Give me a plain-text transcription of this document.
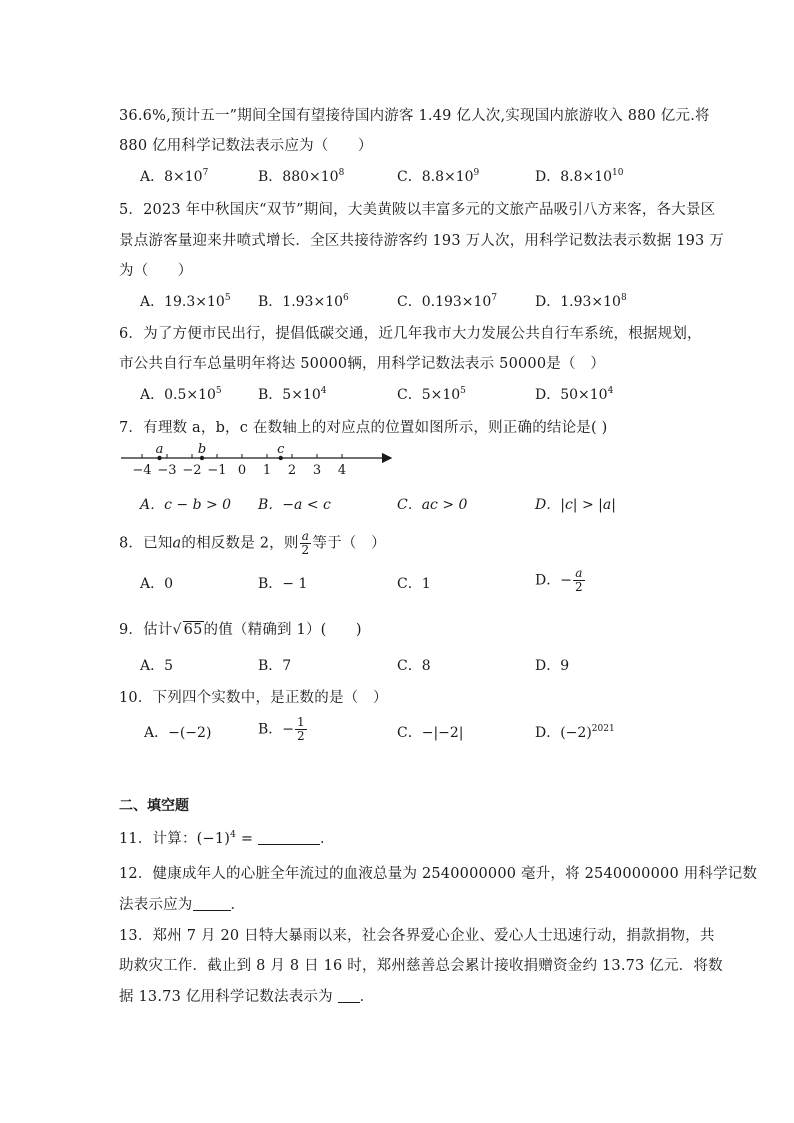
36.6%,预计五一”期间全国有望接待国内游客 1.49 亿人次,实现国内旅游收入 880 亿元.将
880 亿用科学记数法表示应为（　　）
A．$8\times 10^7$	B．$880\times 10^8$	C．$8.8\times 10^9$	D．$8.8\times 10^{10}$
5．2023 年中秋国庆“双节”期间，大美黄陂以丰富多元的文旅产品吸引八方来客，各大景区
景点游客量迎来井喷式增长．全区共接待游客约 193 万人次，用科学记数法表示数据 193 万
为（　　）
A．$19.3\times 10^5$ B．$1.93\times 10^6$	C．$0.193\times 10^7$	D．$1.93\times 10^8$
6．为了方便市民出行，提倡低碳交通，近几年我市大力发展公共自行车系统，根据规划，
市公共自行车总量明年将达 50000辆，用科学记数法表示 50000是（　）
A．$0.5\times 10^5$	B．$5\times 10^4$	C．$5\times 10^5$	D．$50\times 10^4$
7．有理数 a，b，c 在数轴上的对应点的位置如图所示，则正确的结论是( )
−4 −3 −2 −1 0 1 2 3 4
a	b	c
A．c − b > 0 B．−a < c	C．ac > 0	D．|c| > |a|
8．已知a的相反数是 2，则 $\frac{a}{2}$ 等于（　）
A．0	B．− 1	C．1	D．− $\frac{a}{2}$
9．估计√ 65的值（精确到 1）(　　)
A．5	B．7	C．8	D．9
10．下列四个实数中，是正数的是（　）
A．−(−2)	B．− $\frac{1}{2}$	C．−|−2|	D．$(-2)^{2021}$
二、填空题
11．计算：$(-1)^4$ =	．
12．健康成年人的心脏全年流过的血液总量为 2540000000 毫升，将 2540000000 用科学记数
法表示应为	．
13．郑州 7 月 20 日特大暴雨以来，社会各界爱心企业、爱心人士迅速行动，捐款捐物，共
助救灾工作．截止到 8 月 8 日 16 时，郑州慈善总会累计接收捐赠资金约 13.73 亿元．将数
据 13.73 亿用科学记数法表示为 ．
